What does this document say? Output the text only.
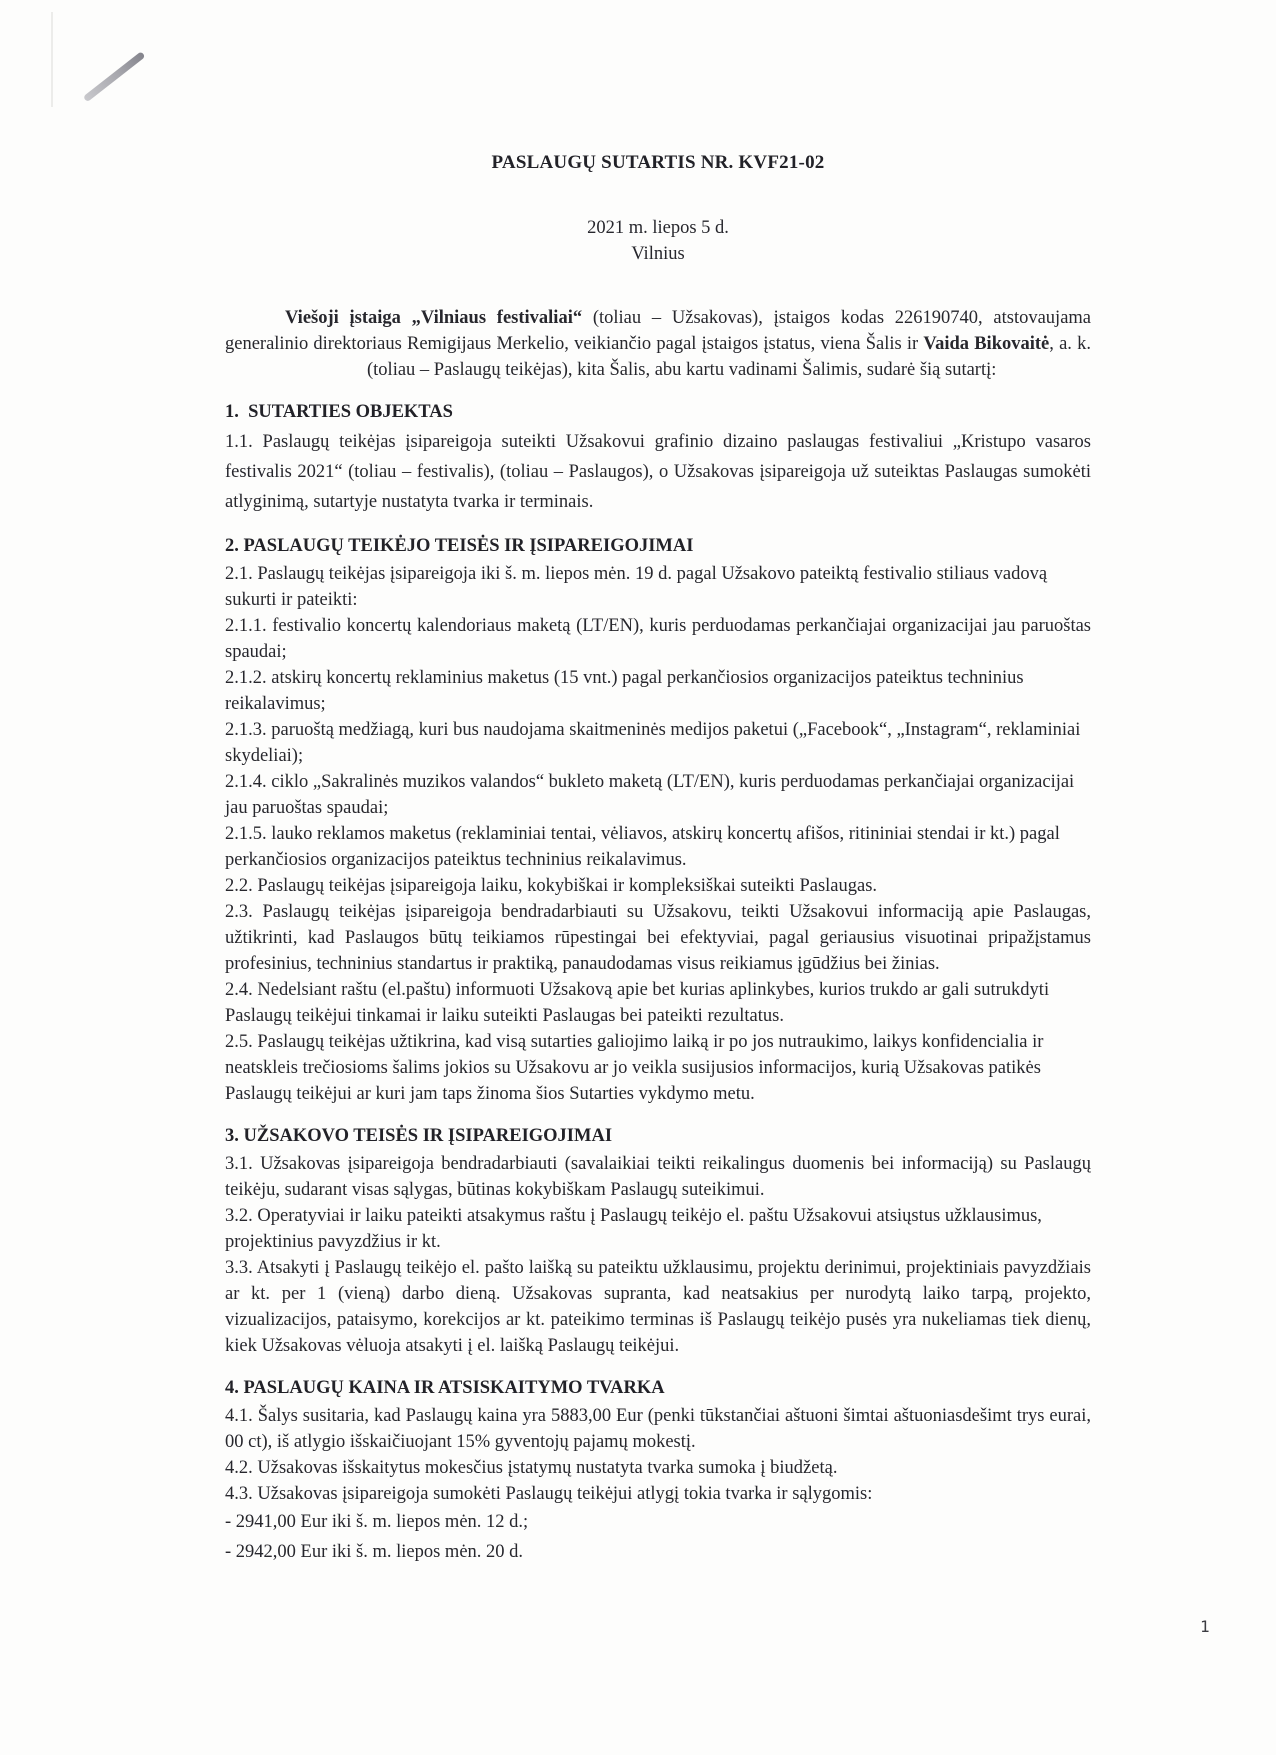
PASLAUGŲ SUTARTIS NR. KVF21-02
2021 m. liepos 5 d.
Vilnius

Viešoji įstaiga „Vilniaus festivaliai“ (toliau – Užsakovas), įstaigos kodas 226190740, atstovaujama generalinio direktoriaus Remigijaus Merkelio, veikiančio pagal įstaigos įstatus, viena Šalis ir Vaida Bikovaitė, a. k.(toliau – Paslaugų teikėjas), kita Šalis, abu kartu vadinami Šalimis, sudarė šią sutartį:

1.  SUTARTIES OBJEKTAS

1.1. Paslaugų teikėjas įsipareigoja suteikti Užsakovui grafinio dizaino paslaugas festivaliui „Kristupo vasaros festivalis 2021“ (toliau – festivalis), (toliau – Paslaugos), o Užsakovas įsipareigoja už suteiktas Paslaugas sumokėti atlyginimą, sutartyje nustatyta tvarka ir terminais.

2. PASLAUGŲ TEIKĖJO TEISĖS IR ĮSIPAREIGOJIMAI

2.1. Paslaugų teikėjas įsipareigoja iki š. m. liepos mėn. 19 d. pagal Užsakovo pateiktą festivalio stiliaus vadovą sukurti ir pateikti:

2.1.1. festivalio koncertų kalendoriaus maketą (LT/EN), kuris perduodamas perkančiajai organizacijai jau paruoštas spaudai;

2.1.2. atskirų koncertų reklaminius maketus (15 vnt.) pagal perkančiosios organizacijos pateiktus techninius reikalavimus;

2.1.3. paruoštą medžiagą, kuri bus naudojama skaitmeninės medijos paketui („Facebook“, „Instagram“, reklaminiai skydeliai);

2.1.4. ciklo „Sakralinės muzikos valandos“ bukleto maketą (LT/EN), kuris perduodamas perkančiajai organizacijai jau paruoštas spaudai;

2.1.5. lauko reklamos maketus (reklaminiai tentai, vėliavos, atskirų koncertų afišos, ritininiai stendai ir kt.) pagal perkančiosios organizacijos pateiktus techninius reikalavimus.

2.2. Paslaugų teikėjas įsipareigoja laiku, kokybiškai ir kompleksiškai suteikti Paslaugas.

2.3. Paslaugų teikėjas įsipareigoja bendradarbiauti su Užsakovu, teikti Užsakovui informaciją apie Paslaugas, užtikrinti, kad Paslaugos būtų teikiamos rūpestingai bei efektyviai, pagal geriausius visuotinai pripažįstamus profesinius, techninius standartus ir praktiką, panaudodamas visus reikiamus įgūdžius bei žinias.

2.4. Nedelsiant raštu (el.paštu) informuoti Užsakovą apie bet kurias aplinkybes, kurios trukdo ar gali sutrukdyti Paslaugų teikėjui tinkamai ir laiku suteikti Paslaugas bei pateikti rezultatus.

2.5. Paslaugų teikėjas užtikrina, kad visą sutarties galiojimo laiką ir po jos nutraukimo, laikys konfidencialia ir neatskleis trečiosioms šalims jokios su Užsakovu ar jo veikla susijusios informacijos, kurią Užsakovas patikės Paslaugų teikėjui ar kuri jam taps žinoma šios Sutarties vykdymo metu.

3. UŽSAKOVO TEISĖS IR ĮSIPAREIGOJIMAI

3.1. Užsakovas įsipareigoja bendradarbiauti (savalaikiai teikti reikalingus duomenis bei informaciją) su Paslaugų teikėju, sudarant visas sąlygas, būtinas kokybiškam Paslaugų suteikimui.

3.2. Operatyviai ir laiku pateikti atsakymus raštu į Paslaugų teikėjo el. paštu Užsakovui atsiųstus užklausimus, projektinius pavyzdžius ir kt.

3.3. Atsakyti į Paslaugų teikėjo el. pašto laišką su pateiktu užklausimu, projektu derinimui, projektiniais pavyzdžiais ar kt. per 1 (vieną) darbo dieną. Užsakovas supranta, kad neatsakius per nurodytą laiko tarpą, projekto, vizualizacijos, pataisymo, korekcijos ar kt. pateikimo terminas iš Paslaugų teikėjo pusės yra nukeliamas tiek dienų, kiek Užsakovas vėluoja atsakyti į el. laišką Paslaugų teikėjui.

4. PASLAUGŲ KAINA IR ATSISKAITYMO TVARKA

4.1. Šalys susitaria, kad Paslaugų kaina yra 5883,00 Eur (penki tūkstančiai aštuoni šimtai aštuoniasdešimt trys eurai, 00 ct), iš atlygio išskaičiuojant 15% gyventojų pajamų mokestį.

4.2. Užsakovas išskaitytus mokesčius įstatymų nustatyta tvarka sumoka į biudžetą.

4.3. Užsakovas įsipareigoja sumokėti Paslaugų teikėjui atlygį tokia tvarka ir sąlygomis:

- 2941,00 Eur iki š. m. liepos mėn. 12 d.;

- 2942,00 Eur iki š. m. liepos mėn. 20 d.

1
